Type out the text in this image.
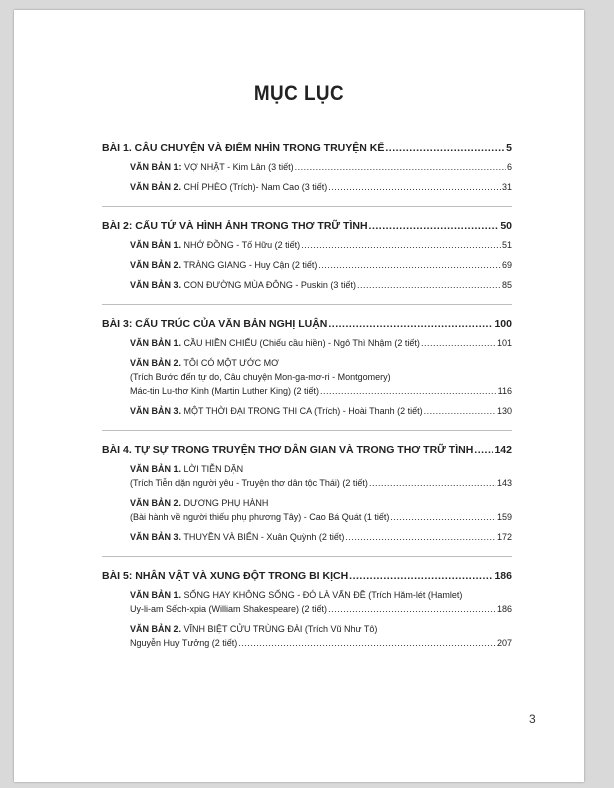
MỤC LỤC
BÀI 1. CÂU CHUYỆN VÀ ĐIỂM NHÌN TRONG TRUYỆN KỂ .....	5
VĂN BẢN 1: VỢ NHẶT - Kim Lân (3 tiết) .....	6
VĂN BẢN 2. CHÍ PHÈO (Trích)- Nam Cao (3 tiết) .....	31
BÀI 2: CẤU TỨ VÀ HÌNH ẢNH TRONG THƠ TRỮ TÌNH .....	50
VĂN BẢN 1. NHỚ ĐỒNG - Tố Hữu (2 tiết) .....	51
VĂN BẢN 2. TRÀNG GIANG - Huy Cận (2 tiết) .....	69
VĂN BẢN 3. CON ĐƯỜNG MÙA ĐÔNG - Puskin (3 tiết) .....	85
BÀI 3: CẤU TRÚC CỦA VĂN BẢN NGHỊ LUẬN .....	100
VĂN BẢN 1. CẦU HIỀN CHIẾU (Chiếu cầu hiền) - Ngô Thì Nhậm (2 tiết) .....	101
VĂN BẢN 2. TÔI CÓ MỘT ƯỚC MƠ
(Trích Bước đến tự do, Câu chuyện Mon-ga-mơ-ri - Montgomery)
Mác-tin Lu-thơ Kinh (Martin Luther King) (2 tiết) .....	116
VĂN BẢN 3. MỘT THỜI ĐẠI TRONG THI CA (Trích) - Hoài Thanh (2 tiết) .....	130
BÀI 4. TỰ SỰ TRONG TRUYỆN THƠ DÂN GIAN VÀ TRONG THƠ TRỮ TÌNH ..... 142
VĂN BẢN 1. LỜI TIỄN DẶN
(Trích Tiễn dặn người yêu - Truyện thơ dân tộc Thái) (2 tiết) .....	143
VĂN BẢN 2. DƯƠNG PHỤ HÀNH
(Bài hành về người thiếu phụ phương Tây) - Cao Bá Quát (1 tiết) .....	159
VĂN BẢN 3. THUYỀN VÀ BIỂN - Xuân Quỳnh (2 tiết) .....	172
BÀI 5: NHÂN VẬT VÀ XUNG ĐỘT TRONG BI KỊCH .....	186
VĂN BẢN 1. SỐNG HAY KHÔNG SỐNG - ĐÓ LÀ VẤN ĐỀ (Trích Hăm-lét (Hamlet)
Uy-li-am Sếch-xpia (William Shakespeare) (2 tiết) .....	186
VĂN BẢN 2. VĨNH BIỆT CỬU TRÙNG ĐÀI (Trích Vũ Như Tô)
Nguyễn Huy Tưởng (2 tiết) .....	207
3
